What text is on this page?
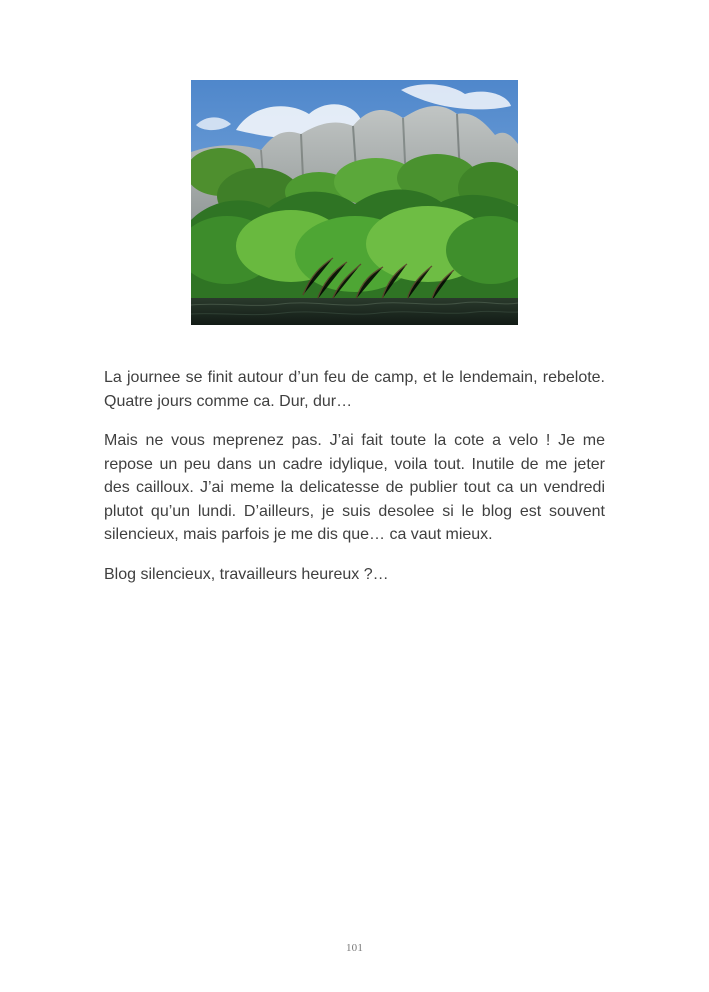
La journee se finit autour d’un feu de camp, et le lendemain, rebelote. Quatre jours comme ca. Dur, dur…

Mais ne vous meprenez pas. J’ai fait toute la cote a velo ! Je me repose un peu dans un cadre idylique, voila tout. Inutile de me jeter des cailloux. J’ai meme la delicatesse de publier tout ca un vendredi plutot qu’un lundi. D’ailleurs, je suis desolee si le blog est souvent silencieux, mais parfois je me dis que… ca vaut mieux.

Blog silencieux, travailleurs heureux ?…

101
